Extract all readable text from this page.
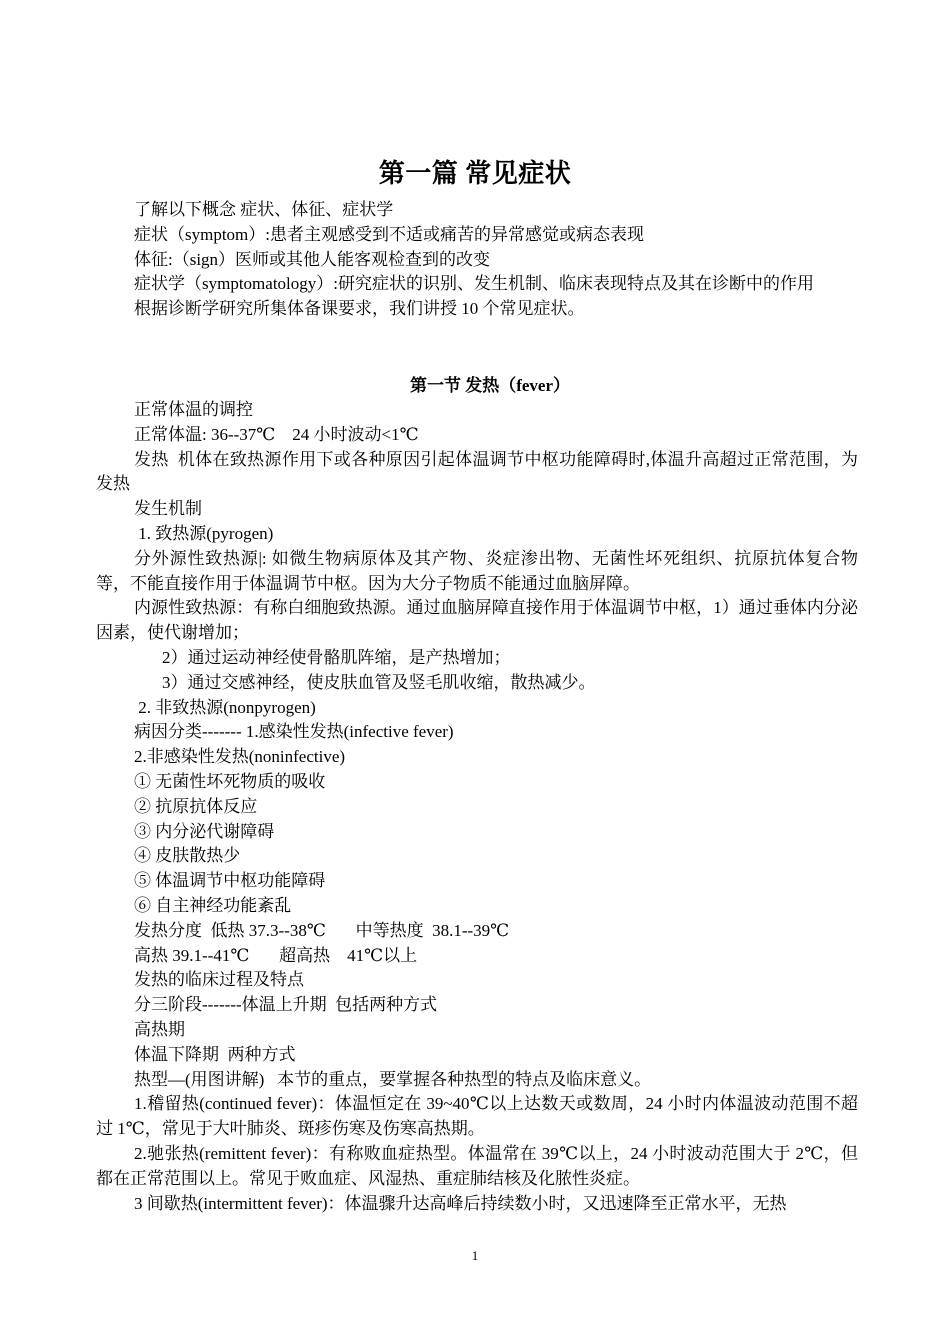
第一篇 常见症状

了解以下概念 症状、体征、症状学

症状（symptom）:患者主观感受到不适或痛苦的异常感觉或病态表现

体征:（sign）医师或其他人能客观检查到的改变

症状学（symptomatology）:研究症状的识别、发生机制、临床表现特点及其在诊断中的作用

根据诊断学研究所集体备课要求，我们讲授 10 个常见症状。

第一节 发热（fever）

正常体温的调控

正常体温: 36--37℃    24 小时波动<1℃

发热  机体在致热源作用下或各种原因引起体温调节中枢功能障碍时,体温升高超过正常范围，为发热

发生机制

1. 致热源(pyrogen)

分外源性致热源|: 如微生物病原体及其产物、炎症渗出物、无菌性坏死组织、抗原抗体复合物等，不能直接作用于体温调节中枢。因为大分子物质不能通过血脑屏障。

内源性致热源：有称白细胞致热源。通过血脑屏障直接作用于体温调节中枢，1）通过垂体内分泌因素，使代谢增加；

2）通过运动神经使骨骼肌阵缩，是产热增加；

3）通过交感神经，使皮肤血管及竖毛肌收缩，散热减少。

2. 非致热源(nonpyrogen)

病因分类------- 1.感染性发热(infective fever)

2.非感染性发热(noninfective)

① 无菌性坏死物质的吸收

② 抗原抗体反应

③ 内分泌代谢障碍

④ 皮肤散热少

⑤ 体温调节中枢功能障碍

⑥ 自主神经功能紊乱

发热分度  低热 37.3--38℃       中等热度  38.1--39℃

高热 39.1--41℃       超高热    41℃以上

发热的临床过程及特点

分三阶段-------体温上升期  包括两种方式

高热期

体温下降期  两种方式

热型—(用图讲解)   本节的重点，要掌握各种热型的特点及临床意义。

1.稽留热(continued fever)：体温恒定在 39~40℃以上达数天或数周，24 小时内体温波动范围不超过 1℃，常见于大叶肺炎、斑疹伤寒及伤寒高热期。

2.驰张热(remittent fever)：有称败血症热型。体温常在 39℃以上，24 小时波动范围大于 2℃，但都在正常范围以上。常见于败血症、风湿热、重症肺结核及化脓性炎症。

3 间歇热(intermittent fever)：体温骤升达高峰后持续数小时，又迅速降至正常水平，无热

1
